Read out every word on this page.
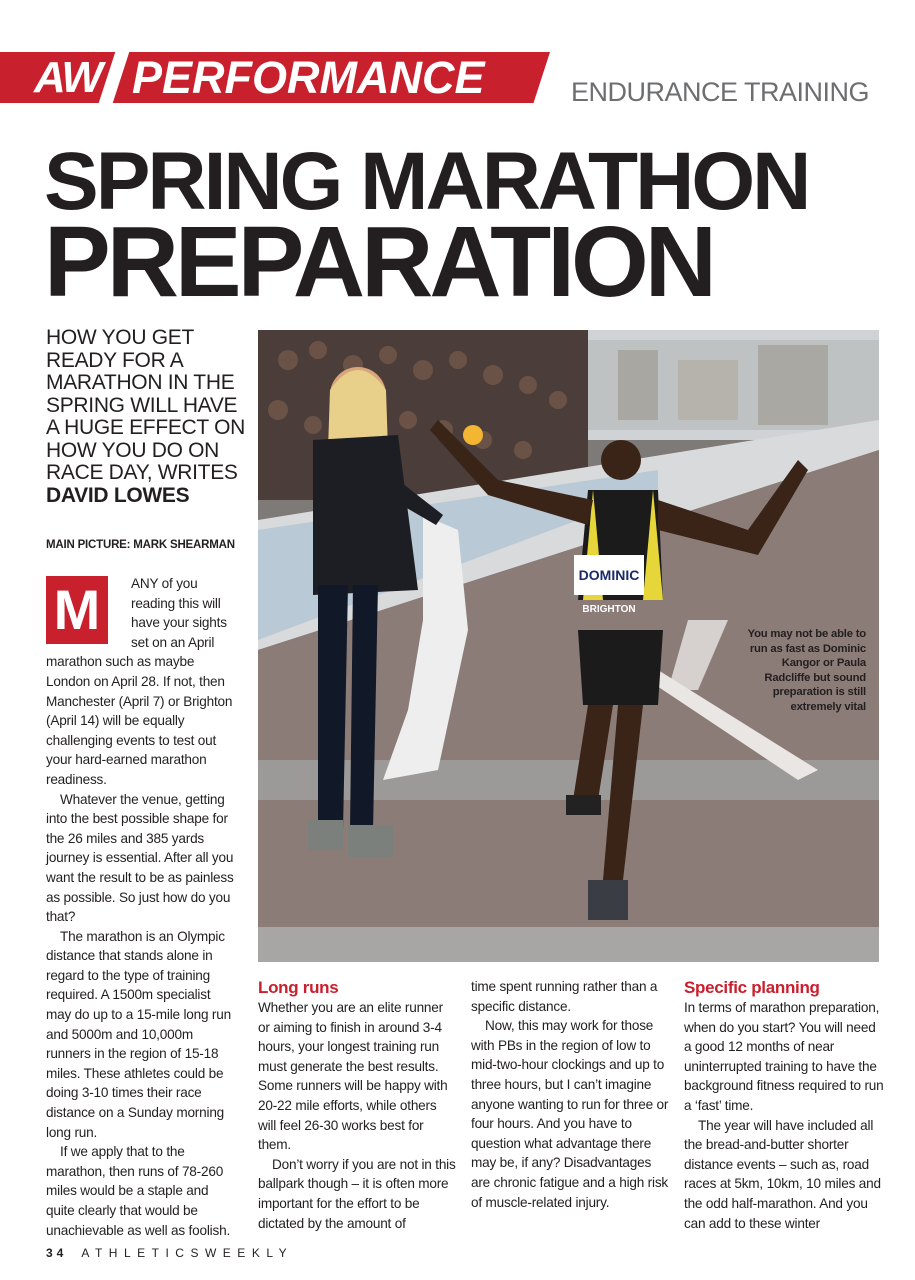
AW PERFORMANCE	ENDURANCE TRAINING
SPRING MARATHON
PREPARATION
HOW YOU GET READY FOR A MARATHON IN THE SPRING WILL HAVE A HUGE EFFECT ON HOW YOU DO ON RACE DAY, WRITES
DAVID LOWES
MAIN PICTURE: MARK SHEARMAN
DOMINIC
BRIGHTON
You may not be able to run as fast as Dominic Kangor or Paula Radcliffe but sound preparation is still extremely vital
M	ANY of you
reading this will
have your sights
set on an April

marathon such as maybe London on April 28. If not, then Manchester (April 7) or Brighton (April 14) will be equally challenging events to test out your hard-earned marathon readiness.

Whatever the venue, getting into the best possible shape for the 26 miles and 385 yards journey is essential. After all you want the result to be as painless as possible. So just how do you that?

The marathon is an Olympic distance that stands alone in regard to the type of training required. A 1500m specialist may do up to a 15-mile long run and 5000m and 10,000m runners in the region of 15-18 miles. These athletes could be doing 3-10 times their race distance on a Sunday morning long run.

If we apply that to the marathon, then runs of 78-260 miles would be a staple and quite clearly that would be unachievable as well as foolish.

Long runs

Whether you are an elite runner or aiming to finish in around 3-4 hours, your longest training run must generate the best results. Some runners will be happy with 20-22 mile efforts, while others will feel 26-30 works best for them.

Don’t worry if you are not in this ballpark though – it is often more important for the effort to be dictated by the amount of

time spent running rather than a specific distance.

Now, this may work for those with PBs in the region of low to mid-two-hour clockings and up to three hours, but I can’t imagine anyone wanting to run for three or four hours. And you have to question what advantage there may be, if any? Disadvantages are chronic fatigue and a high risk of muscle-related injury.

Specific planning

In terms of marathon preparation, when do you start? You will need a good 12 months of near uninterrupted training to have the background fitness required to run a ‘fast’ time.

The year will have included all the bread-and-butter shorter distance events – such as, road races at 5km, 10km, 10 miles and the odd half-marathon. And you can add to these winter

34 ATHLETICSWEEKLY
